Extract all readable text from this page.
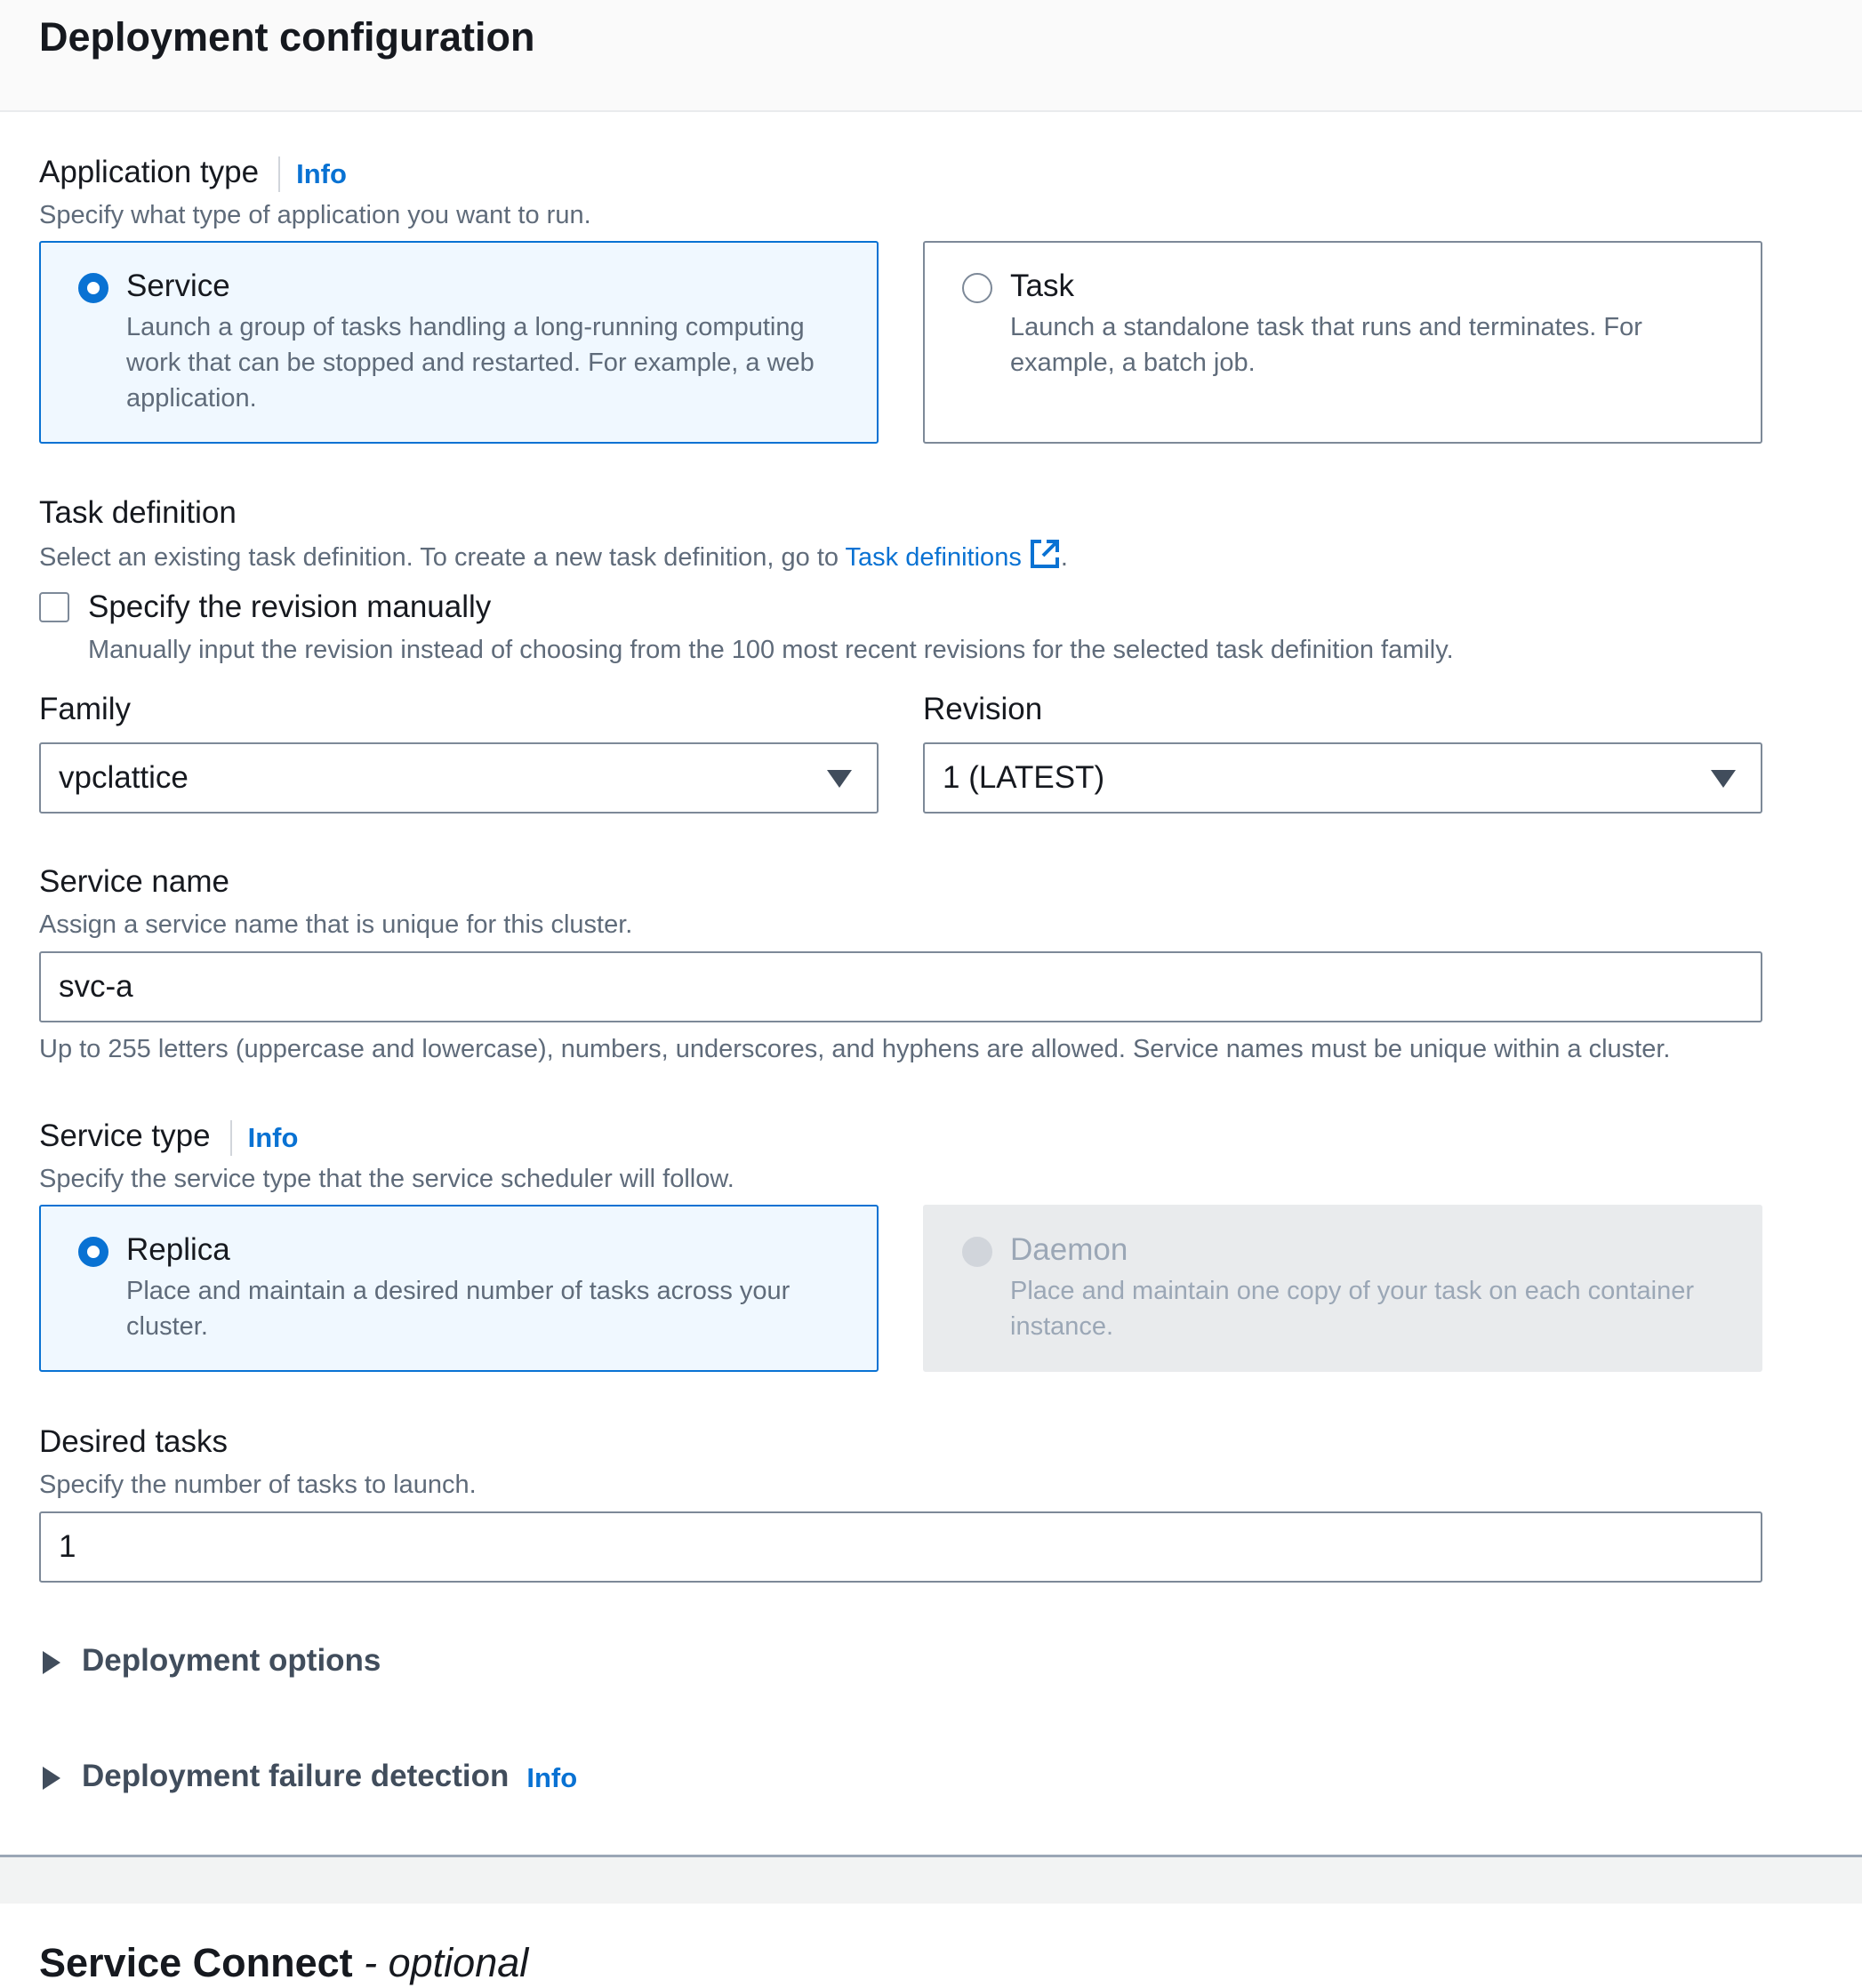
Deployment configuration
Application type Info
Specify what type of application you want to run.
Service
Launch a group of tasks handling a long-running computing work that can be stopped and restarted. For example, a web application.
Task
Launch a standalone task that runs and terminates. For example, a batch job.
Task definition
Select an existing task definition. To create a new task definition, go to Task definitions .
Specify the revision manually
Manually input the revision instead of choosing from the 100 most recent revisions for the selected task definition family.
Family
vpclattice
Revision
1 (LATEST)
Service name
Assign a service name that is unique for this cluster.
svc-a
Up to 255 letters (uppercase and lowercase), numbers, underscores, and hyphens are allowed. Service names must be unique within a cluster.
Service type Info
Specify the service type that the service scheduler will follow.
Replica
Place and maintain a desired number of tasks across your cluster.
Daemon
Place and maintain one copy of your task on each container instance.
Desired tasks
Specify the number of tasks to launch.
1
Deployment options
Deployment failure detection Info
Service Connect - optional
